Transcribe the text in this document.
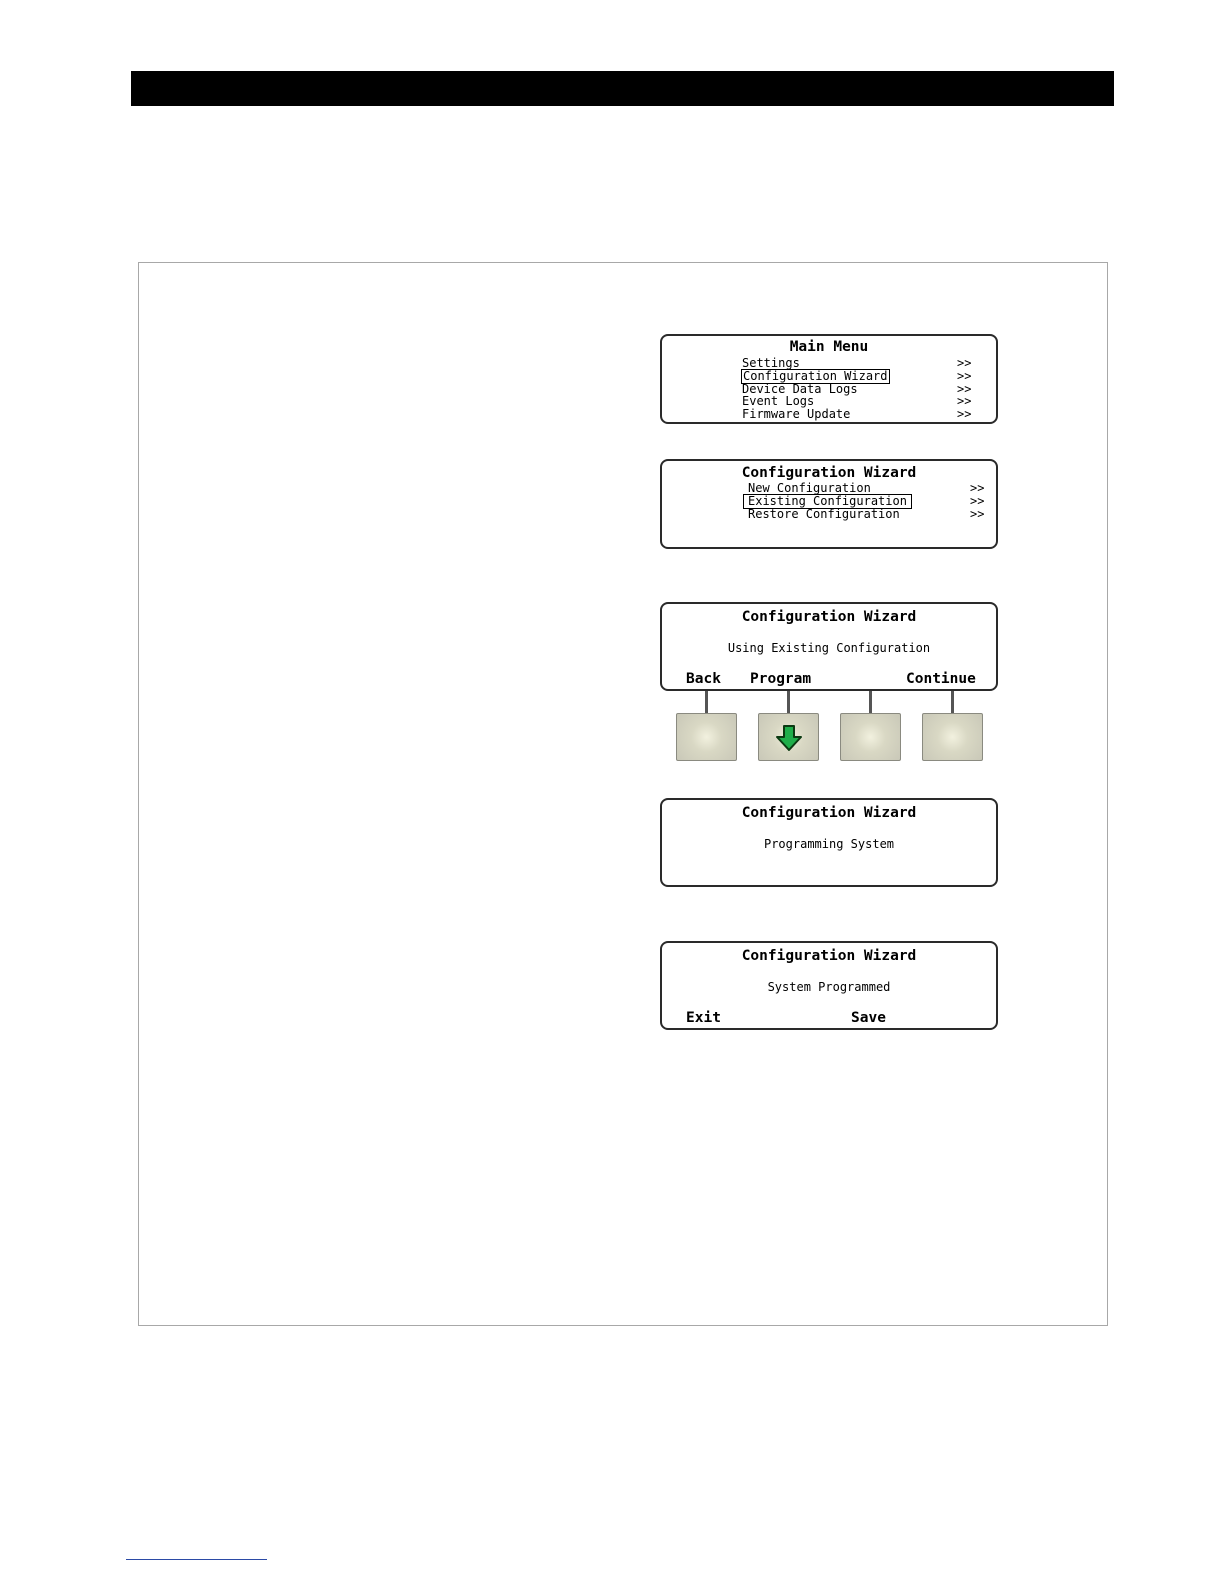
Main Menu
Settings	>>
Configuration Wizard	>>
Device Data Logs	>>
Event Logs	>>
Firmware Update	>>
Configuration Wizard
New Configuration	>>
Existing Configuration	>>
Restore Configuration	>>
Configuration Wizard
Using Existing Configuration
Back Program	Continue
Configuration Wizard
Programming System
Configuration Wizard
System Programmed
Exit	Save
